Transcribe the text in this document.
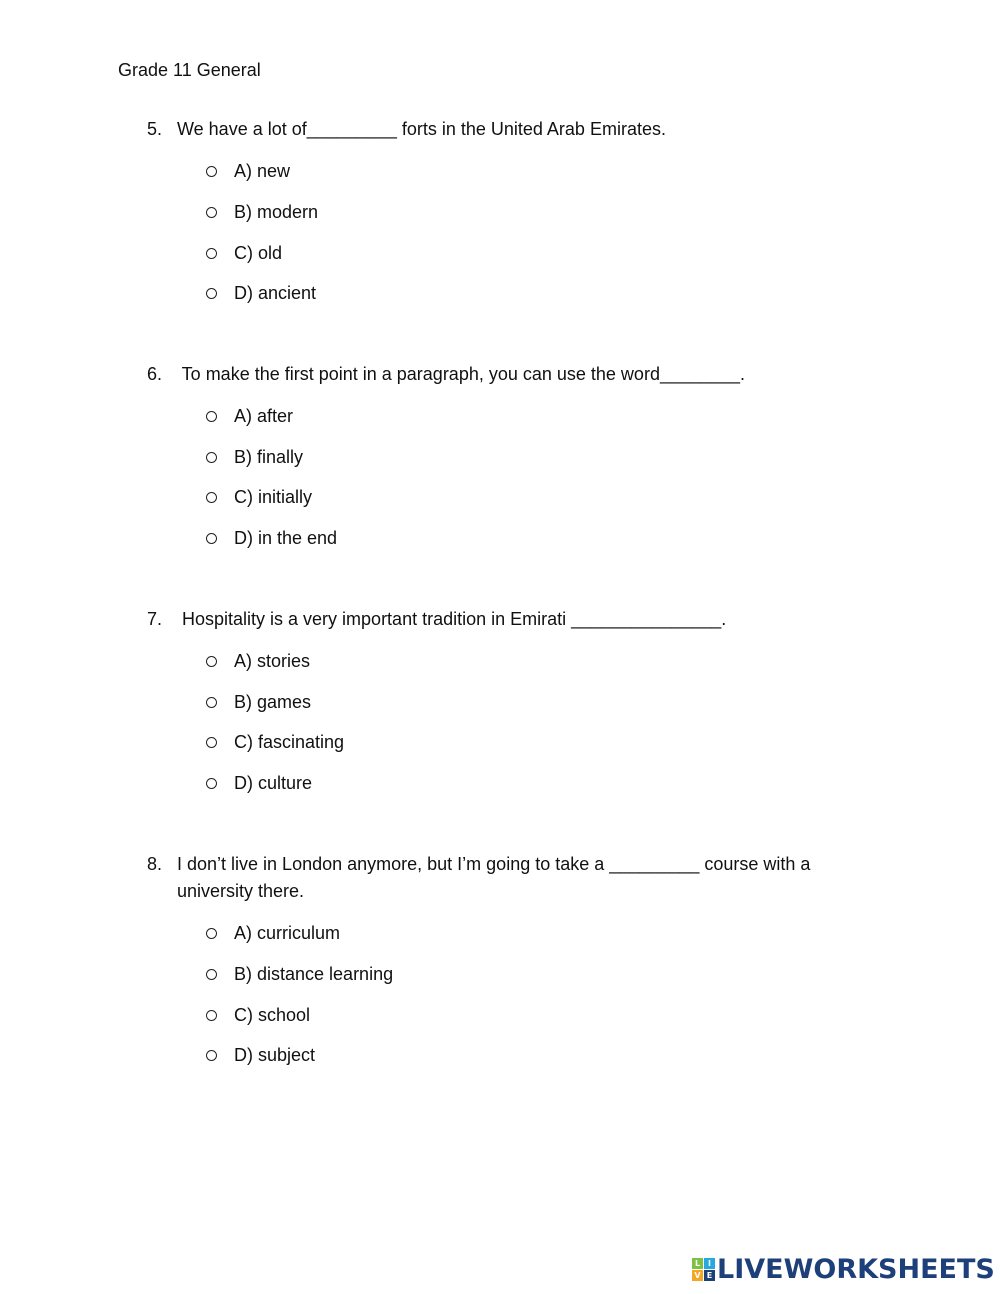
Grade 11 General
5. We have a lot of_________ forts in the United Arab Emirates.
A) new
B) modern
C) old
D) ancient
6. To make the first point in a paragraph, you can use the word________.
A) after
B) finally
C) initially
D) in the end
7. Hospitality is a very important tradition in Emirati _______________.
A) stories
B) games
C) fascinating
D) culture
8. I don’t live in London anymore, but I’m going to take a _________ course with a university there.
A) curriculum
B) distance learning
C) school
D) subject
L I
V E LIVEWORKSHEETS
